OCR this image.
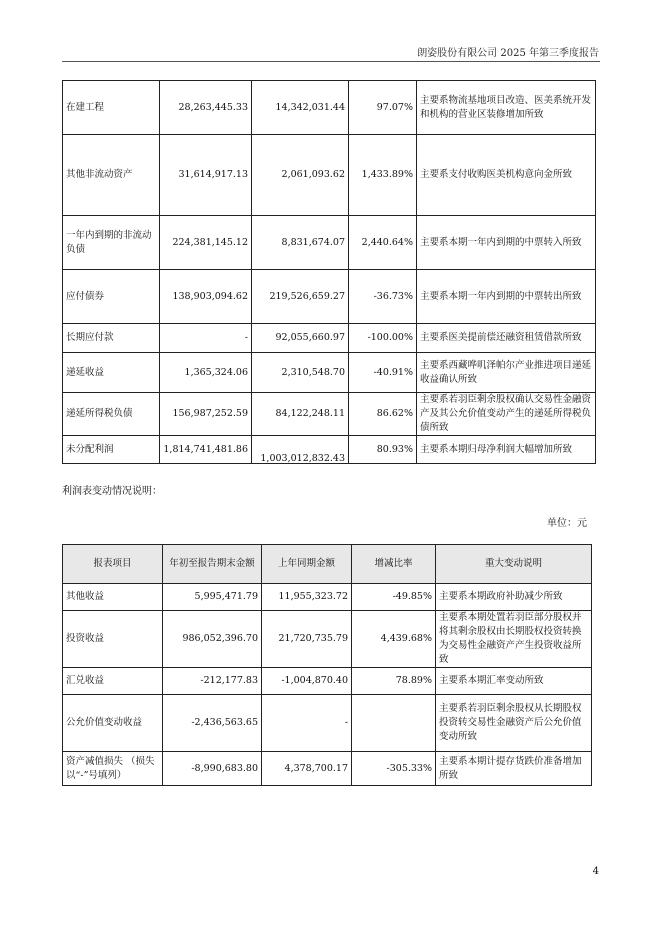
朗姿股份有限公司 2025 年第三季度报告
在建工程	28,263,445.33	14,342,031.44	97.07%	主要系物流基地项目改造、医美系统开发和机构的营业区装修增加所致
其他非流动资产	31,614,917.13	2,061,093.62	1,433.89%	主要系支付收购医美机构意向金所致
一年内到期的非流动负债	224,381,145.12	8,831,674.07	2,440.64%	主要系本期一年内到期的中票转入所致
应付债券	138,903,094.62	219,526,659.27	-36.73%	主要系本期一年内到期的中票转出所致
长期应付款	-	92,055,660.97	-100.00%	主要系医美提前偿还融资租赁借款所致
递延收益	1,365,324.06	2,310,548.70	-40.91%	主要系西藏哗叽泽帕尔产业推进项目递延收益确认所致
递延所得税负债	156,987,252.59	84,122,248.11	86.62%	主要系若羽臣剩余股权确认交易性金融资产及其公允价值变动产生的递延所得税负债所致
未分配利润	1,814,741,481.86	1,003,012,832.43	80.93%	主要系本期归母净利润大幅增加所致
利润表变动情况说明：
单位：元
报表项目	年初至报告期末金额	上年同期金额	增减比率	重大变动说明
其他收益	5,995,471.79	11,955,323.72	-49.85%	主要系本期政府补助减少所致
投资收益	986,052,396.70	21,720,735.79	4,439.68%	主要系本期处置若羽臣部分股权并将其剩余股权由长期股权投资转换为交易性金融资产产生投资收益所致
汇兑收益	-212,177.83	-1,004,870.40	78.89%	主要系本期汇率变动所致
公允价值变动收益	-2,436,563.65	-		主要系若羽臣剩余股权从长期股权投资转交易性金融资产后公允价值变动所致
资产减值损失 （损失以“-”号填列）	-8,990,683.80	4,378,700.17	-305.33%	主要系本期计提存货跌价准备增加所致
4
